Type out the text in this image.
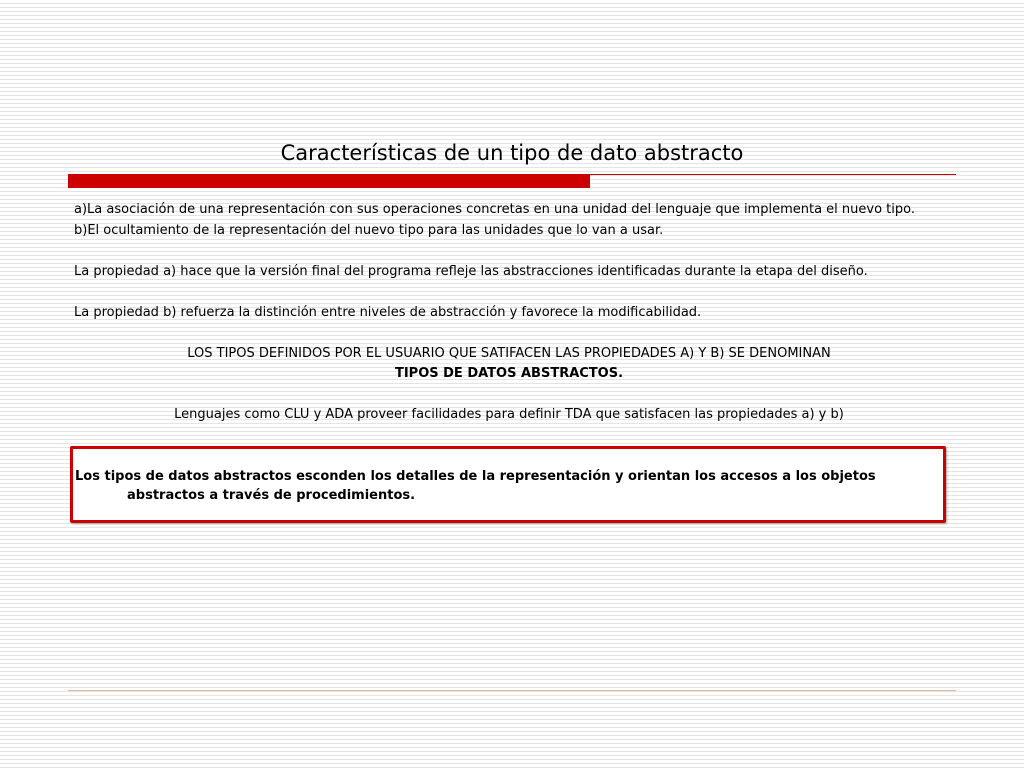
Características de un tipo de dato abstracto

a)La asociación de una representación con sus operaciones concretas en una unidad del lenguaje que implementa el nuevo tipo.

b)El ocultamiento de la representación del nuevo tipo para las unidades que lo van a usar.

La propiedad a) hace que la versión final del programa refleje las abstracciones identificadas durante la etapa del diseño.

La propiedad b) refuerza la distinción entre niveles de abstracción y favorece la modificabilidad.

LOS TIPOS DEFINIDOS POR EL USUARIO QUE SATIFACEN LAS PROPIEDADES A) Y B) SE DENOMINAN

TIPOS DE DATOS ABSTRACTOS.

Lenguajes como CLU y ADA proveer facilidades para definir TDA que satisfacen las propiedades a) y b)

Los tipos de datos abstractos esconden los detalles de la representación y orientan los accesos a los objetos abstractos a través de procedimientos.
